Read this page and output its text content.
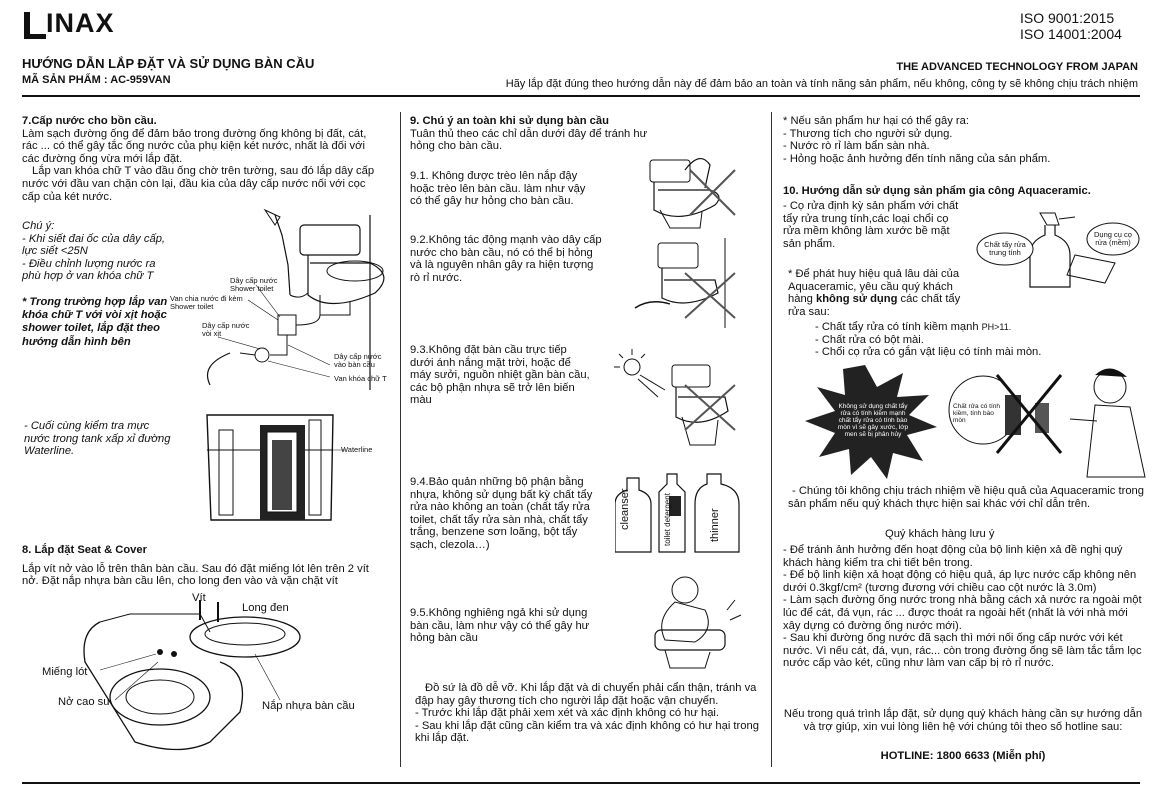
INAX	ISO 9001:2015
ISO 14001:2004
HƯỚNG DẪN LẮP ĐẶT VÀ SỬ DỤNG BÀN CẦU
MÃ SẢN PHẨM : AC-959VAN
THE ADVANCED TECHNOLOGY FROM JAPAN
Hãy lắp đặt đúng theo hướng dẫn này để đảm bảo an toàn và tính năng sản phẩm, nếu không, công ty sẽ không chịu trách nhiệm
7.Cấp nước cho bồn cầu.

Làm sạch đường ống để đảm bảo trong đường ống không bị đất, cát, rác ... có thể gây tắc ống nước của phụ kiện két nước, nhất là đối với các đường ống vừa mới lắp đặt.

Lắp van khóa chữ T vào đầu ống chờ trên tường, sau đó lắp dây cấp nước với đầu van chặn còn lại, đầu kia của dây cấp nước nối với cọc cấp của két nước.

Chú ý:
- Khi siết đai ốc của dây cấp, lực siết <25N
- Điều chỉnh lượng nước ra phù hợp ở van khóa chữ T
* Trong trường hợp lắp van khóa chữ T với vòi xịt hoặc shower toilet, lắp đặt theo hướng dẫn hình bên
Dây cấp nước Shower toilet
Van chia nước đi kèm Shower toilet
Dây cấp nước vòi xịt
Dây cấp nước vào bàn cầu
Van khóa chữ T
- Cuối cùng kiểm tra mực nước trong tank xấp xỉ đường Waterline.	Waterline
8. Lắp đặt Seat & Cover

Lắp vít nở vào lỗ trên thân bàn cầu. Sau đó đặt miếng lót lên trên 2 vít nở. Đặt nắp nhựa bàn cầu lên, cho long đen vào và vặn chặt vít

Vít
Long đen
Miếng lót
Nở cao su	Nắp nhựa bàn cầu
9. Chú ý an toàn khi sử dụng bàn cầu

Tuân thủ theo các chỉ dẫn dưới đây để tránh hư hỏng cho bàn cầu.

9.1. Không được trèo lên nắp đậy hoặc trèo lên bàn cầu. làm như vậy có thể gây hư hỏng cho bàn cầu.
9.2.Không tác động mạnh vào dây cấp nước cho bàn cầu, nó có thể bị hỏng và là nguyên nhân gây ra hiện tượng rò rỉ nước.
9.3.Không đặt bàn cầu trực tiếp dưới ánh nắng mặt trời, hoặc để máy sưởi, nguồn nhiệt gần bàn cầu, các bộ phận nhựa sẽ trở lên biến màu
9.4.Bảo quản những bộ phận bằng nhựa, không sử dụng bất kỳ chất tẩy rửa nào không an toàn (chất tẩy rửa toilet, chất tẩy rửa sàn nhà, chất tẩy trắng, benzene sơn loãng, bột tẩy sạch, clezola…)
9.5.Không nghiêng ngả khi sử dụng bàn cầu, làm như vậy có thể gây hư hỏng bàn cầu
cleanser	toilet detergent	thinner

Đồ sứ là đồ dễ vỡ. Khi lắp đặt và di chuyển phải cẩn thận, tránh va đập hay gây thương tích cho người lắp đặt hoặc vận chuyển.

- Trước khi lắp đặt phải xem xét và xác định không có hư hại.

- Sau khi lắp đặt cũng cần kiểm tra và xác định không có hư hại trong khi lắp đặt.

* Nếu sản phẩm hư hại có thể gây ra:
- Thương tích cho người sử dụng.
- Nước rò rỉ làm bẩn sàn nhà.
- Hỏng hoặc ảnh hưởng đến tính năng của sản phẩm.
10. Hướng dẫn sử dụng sản phẩm gia công Aquaceramic.
- Cọ rửa định kỳ sản phẩm với chất tẩy rửa trung tính,các loại chổi cọ rửa mềm không làm xước bề mặt sản phẩm.	Chất tẩy rửa trung tính
Dụng cụ cọ rửa (mềm)
* Để phát huy hiệu quả lâu dài của Aquaceramic, yêu cầu quý khách hàng không sử dụng các chất tẩy rửa sau:
- Chất tẩy rửa có tính kiềm mạnh PH>11.
- Chất rửa có bột mài.
- Chổi cọ rửa có gắn vật liệu có tính mài mòn.
Không sử dụng chất tẩy rửa có tính kiềm mạnh chất tẩy rửa có tính bào mòn vì sẽ gây xước, lớp men sẽ bị phân hủy
Chất rửa có tính kiềm, tính bào mòn
- Chúng tôi không chịu trách nhiệm về hiệu quả của Aquaceramic trong sản phẩm nếu quý khách thực hiện sai khác với chỉ dẫn trên.
Quý khách hàng lưu ý

- Để tránh ảnh hưởng đến hoạt động của bộ linh kiện xả đề nghị quý khách hàng kiểm tra chi tiết bên trong.

- Để bộ linh kiện xả hoạt động có hiệu quả, áp lực nước cấp không nên dưới 0.3kgf/cm² (tương đương với chiều cao cột nước là 3.0m)

- Làm sạch đường ống nước trong nhà bằng cách xả nước ra ngoài một lúc để cát, đá vụn, rác ... được thoát ra ngoài hết (nhất là với nhà mới xây dựng có đường ống nước mới).

- Sau khi đường ống nước đã sạch thì mới nối ống cấp nước với két nước. Vì nếu cát, đá, vụn, rác... còn trong đường ống sẽ làm tắc tắm lọc nước cấp vào két, cũng như làm van cấp bị rò rỉ nước.

Nếu trong quá trình lắp đặt, sử dụng quý khách hàng cần sự hướng dẫn và trợ giúp, xin vui lòng liên hệ với chúng tôi theo số hotline sau:
HOTLINE: 1800 6633 (Miễn phí)
